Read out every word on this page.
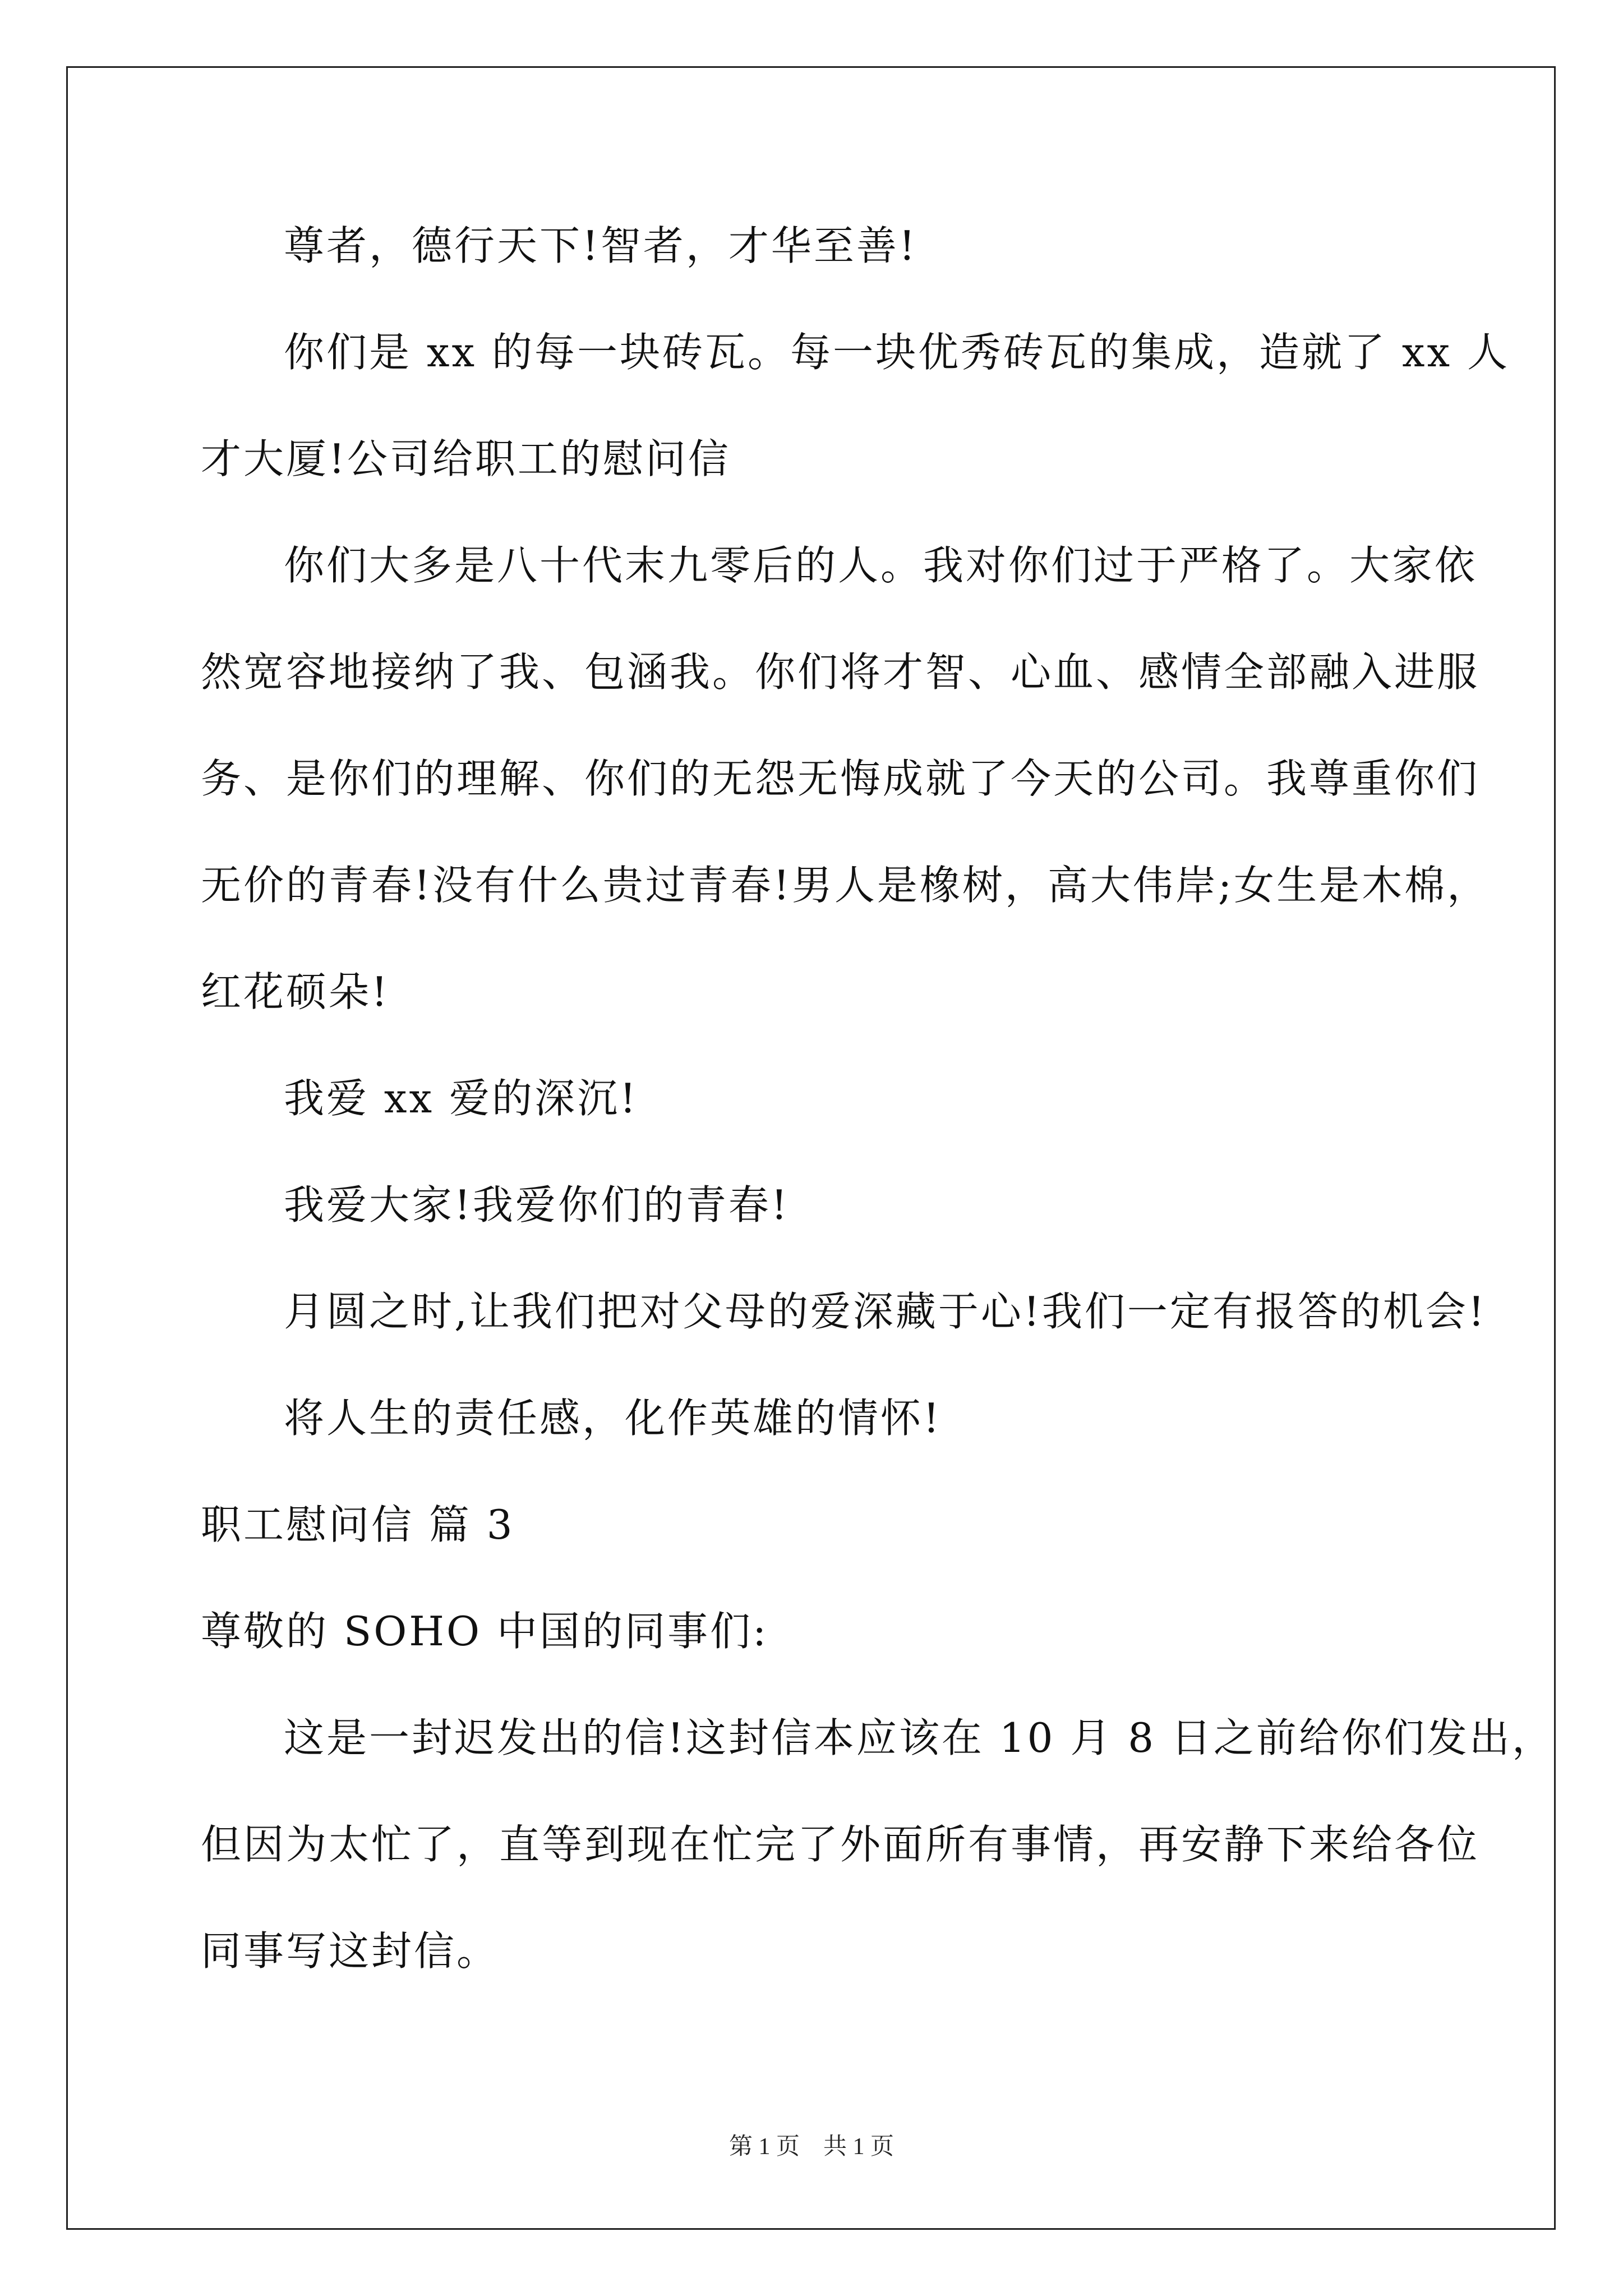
尊者，德行天下!智者，才华至善!
你们是 xx 的每一块砖瓦。每一块优秀砖瓦的集成，造就了 xx 人
才大厦!公司给职工的慰问信
你们大多是八十代末九零后的人。我对你们过于严格了。大家依
然宽容地接纳了我、包涵我。你们将才智、心血、感情全部融入进服
务、是你们的理解、你们的无怨无悔成就了今天的公司。我尊重你们
无价的青春!没有什么贵过青春!男人是橡树，高大伟岸;女生是木棉，
红花硕朵!
我爱 xx 爱的深沉!
我爱大家!我爱你们的青春!
月圆之时,让我们把对父母的爱深藏于心!我们一定有报答的机会!
将人生的责任感，化作英雄的情怀!
职工慰问信 篇 3
尊敬的 SOHO 中国的同事们:
这是一封迟发出的信!这封信本应该在 10 月 8 日之前给你们发出，
但因为太忙了，直等到现在忙完了外面所有事情，再安静下来给各位
同事写这封信。
第 1 页　共 1 页
